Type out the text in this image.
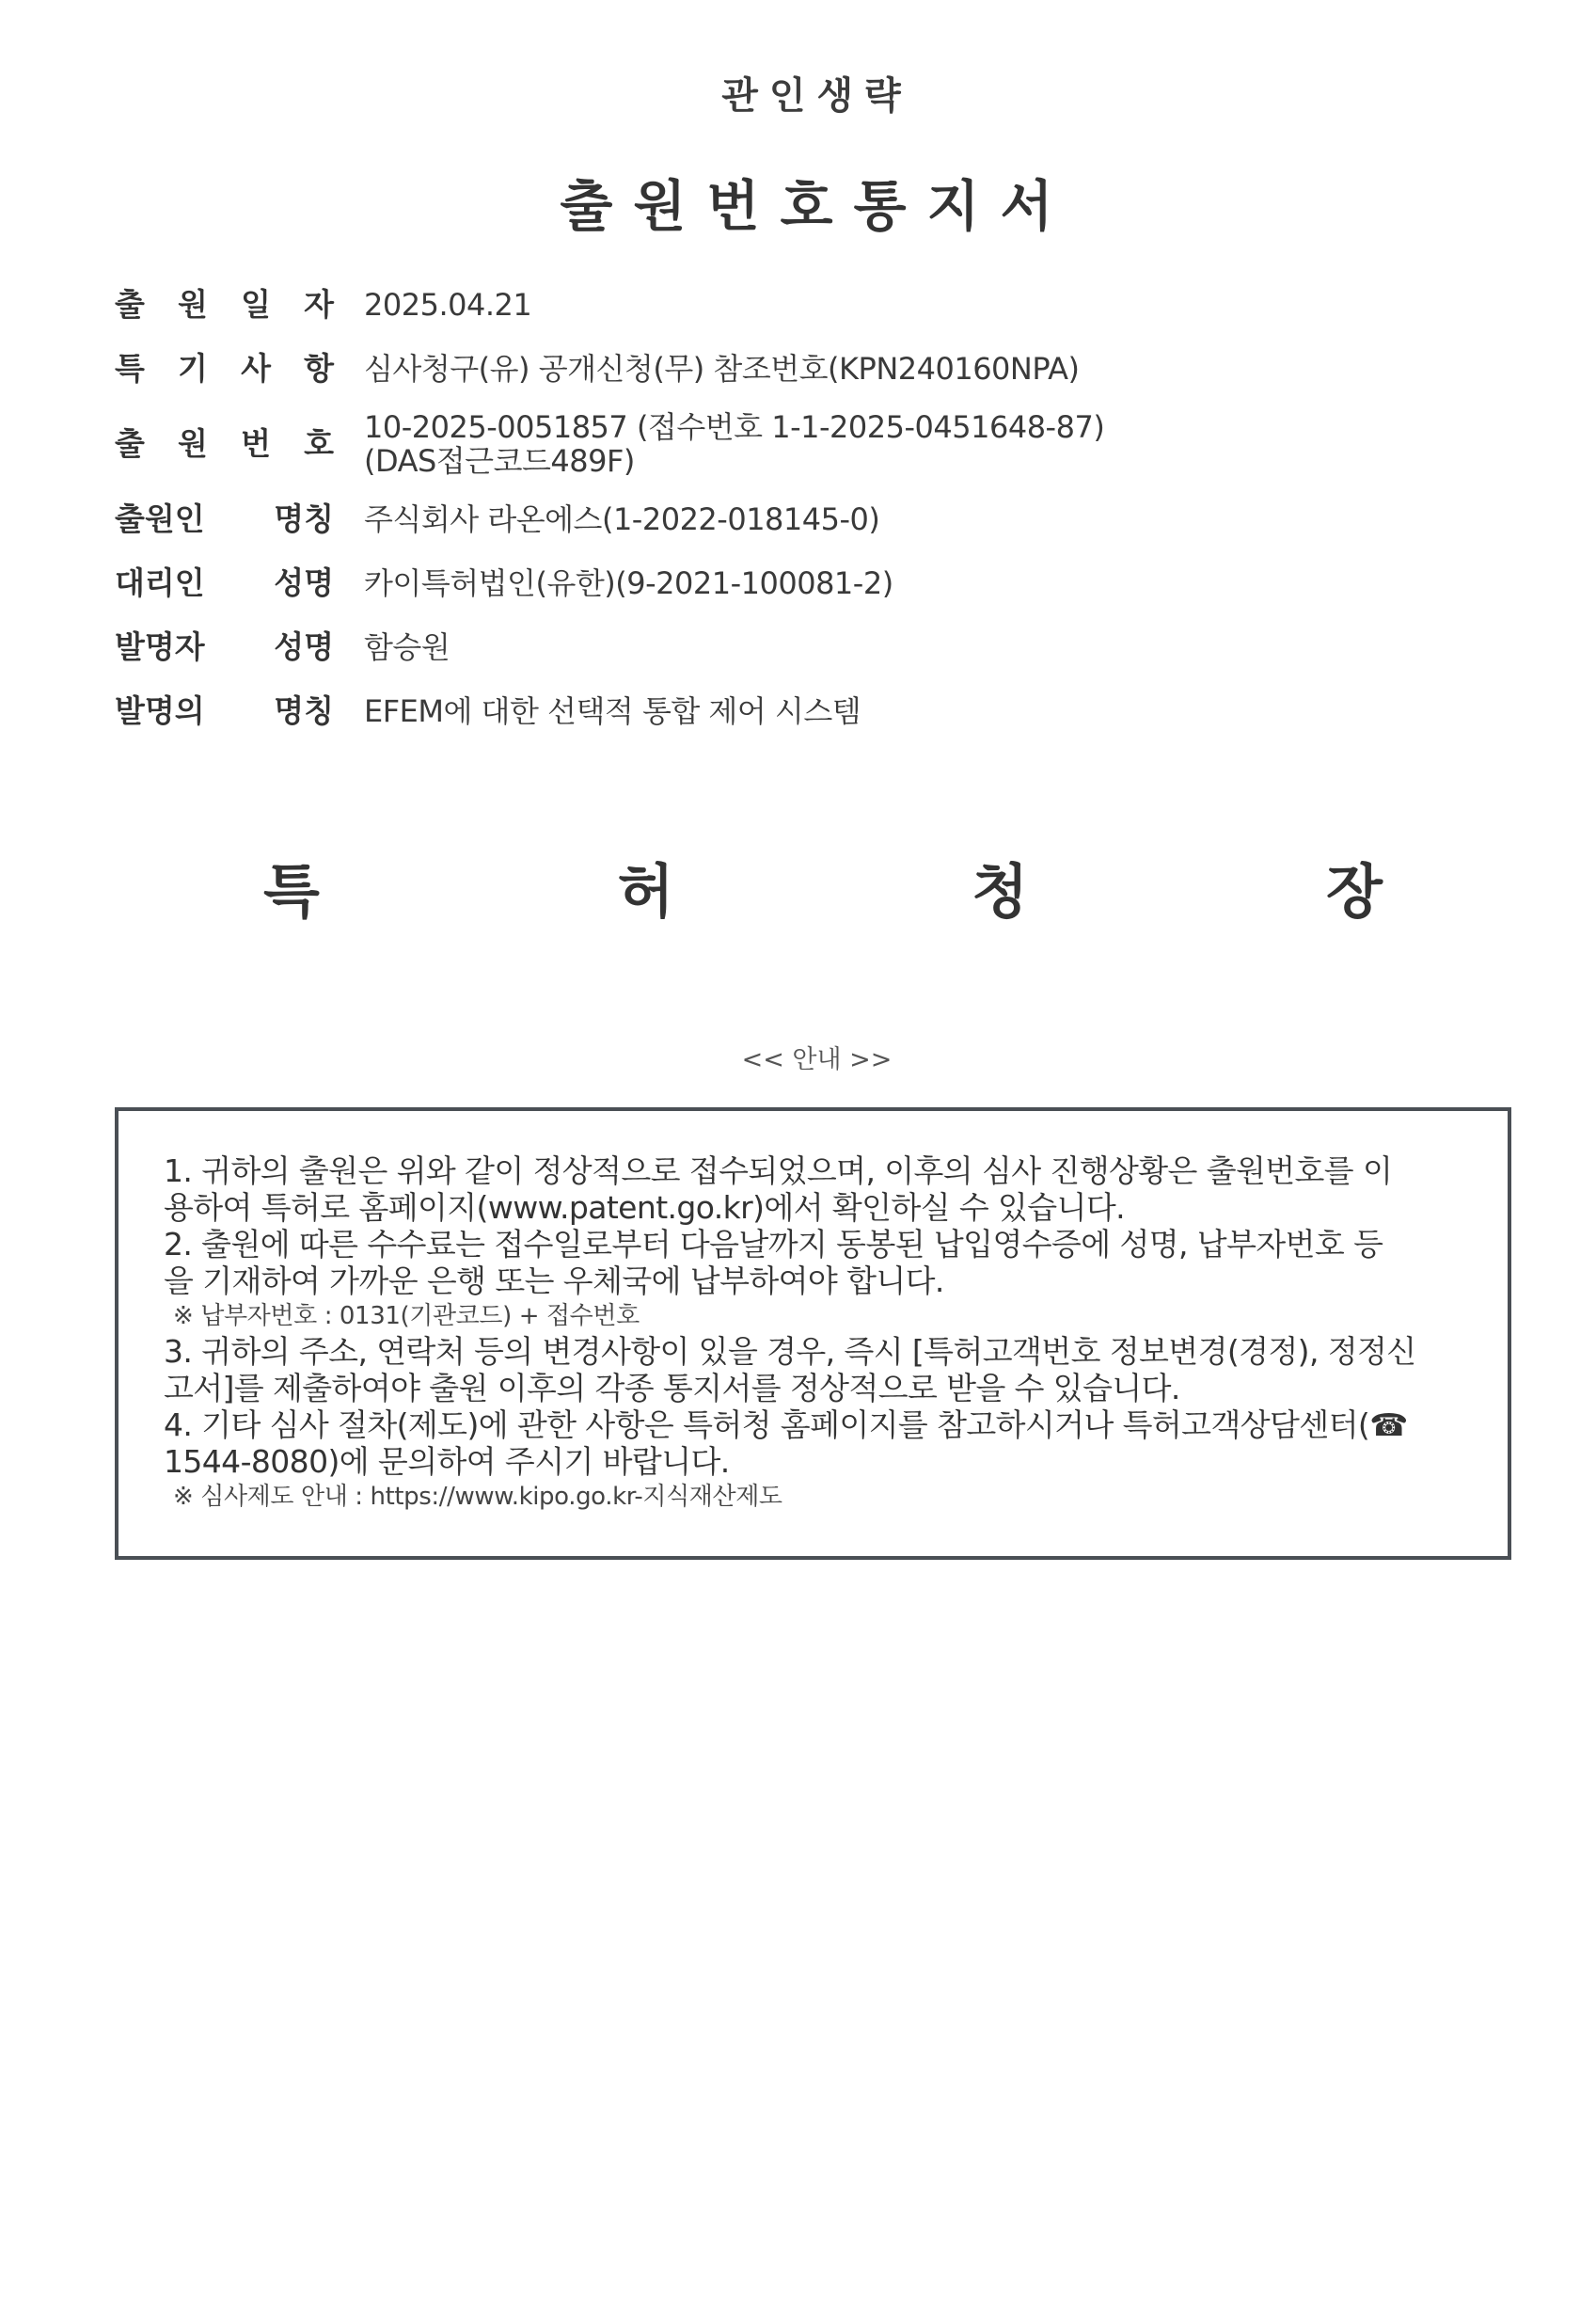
관인생략
출원번호통지서
출 원 일 자 2025.04.21
특 기 사 항 심사청구(유) 공개신청(무) 참조번호(KPN240160NPA)
출 원 번 호 10-2025-0051857 (접수번호 1-1-2025-0451648-87)
(DAS접근코드489F)
출원인 명칭 주식회사 라온에스(1-2022-018145-0)
대리인 성명 카이특허법인(유한)(9-2021-100081-2)
발명자 성명 함승원
발명의 명칭 EFEM에 대한 선택적 통합 제어 시스템
특	허	청	장
<< 안내 >>
1. 귀하의 출원은 위와 같이 정상적으로 접수되었으며, 이후의 심사 진행상황은 출원번호를 이
용하여 특허로 홈페이지(www.patent.go.kr)에서 확인하실 수 있습니다.
2. 출원에 따른 수수료는 접수일로부터 다음날까지 동봉된 납입영수증에 성명, 납부자번호 등
을 기재하여 가까운 은행 또는 우체국에 납부하여야 합니다.
※ 납부자번호 : 0131(기관코드) + 접수번호
3. 귀하의 주소, 연락처 등의 변경사항이 있을 경우, 즉시 [특허고객번호 정보변경(경정), 정정신
고서]를 제출하여야 출원 이후의 각종 통지서를 정상적으로 받을 수 있습니다.
4. 기타 심사 절차(제도)에 관한 사항은 특허청 홈페이지를 참고하시거나 특허고객상담센터(☎
1544-8080)에 문의하여 주시기 바랍니다.
※ 심사제도 안내 : https://www.kipo.go.kr-지식재산제도
